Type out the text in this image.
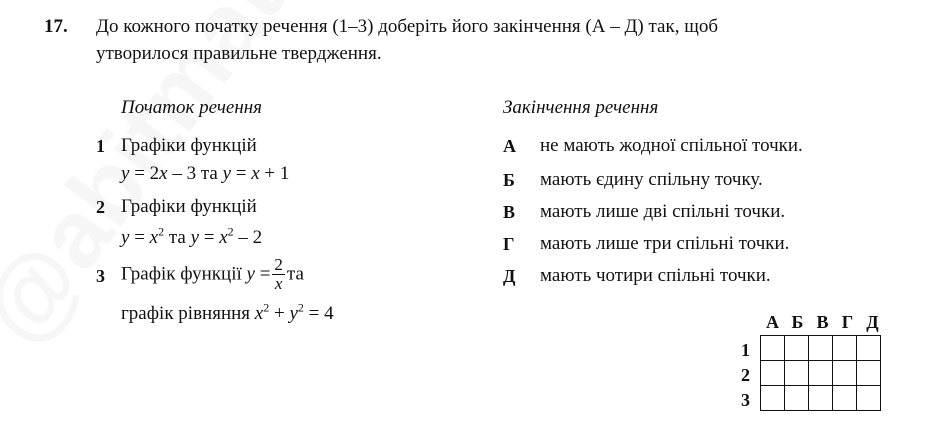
17. До кожного початку речення (1–3) доберіть його закінчення (А – Д) так, щоб
утворилося правильне твердження.
Початок речення
1 Графіки функцій
y = 2x – 3 та y = x + 1
2 Графіки функцій
$y = x^2$ та $y = x^2 - 2$
3 Графік функції $y = \frac{2}{x}$ та
графік рівняння $x^2 + y^2 = 4$
Закінчення речення
А не мають жодної спільної точки.
Б мають єдину спільну точку.
В мають лише дві спільні точки.
Г мають лише три спільні точки.
Д мають чотири спільні точки.
А Б В Г Д
1
2
3
